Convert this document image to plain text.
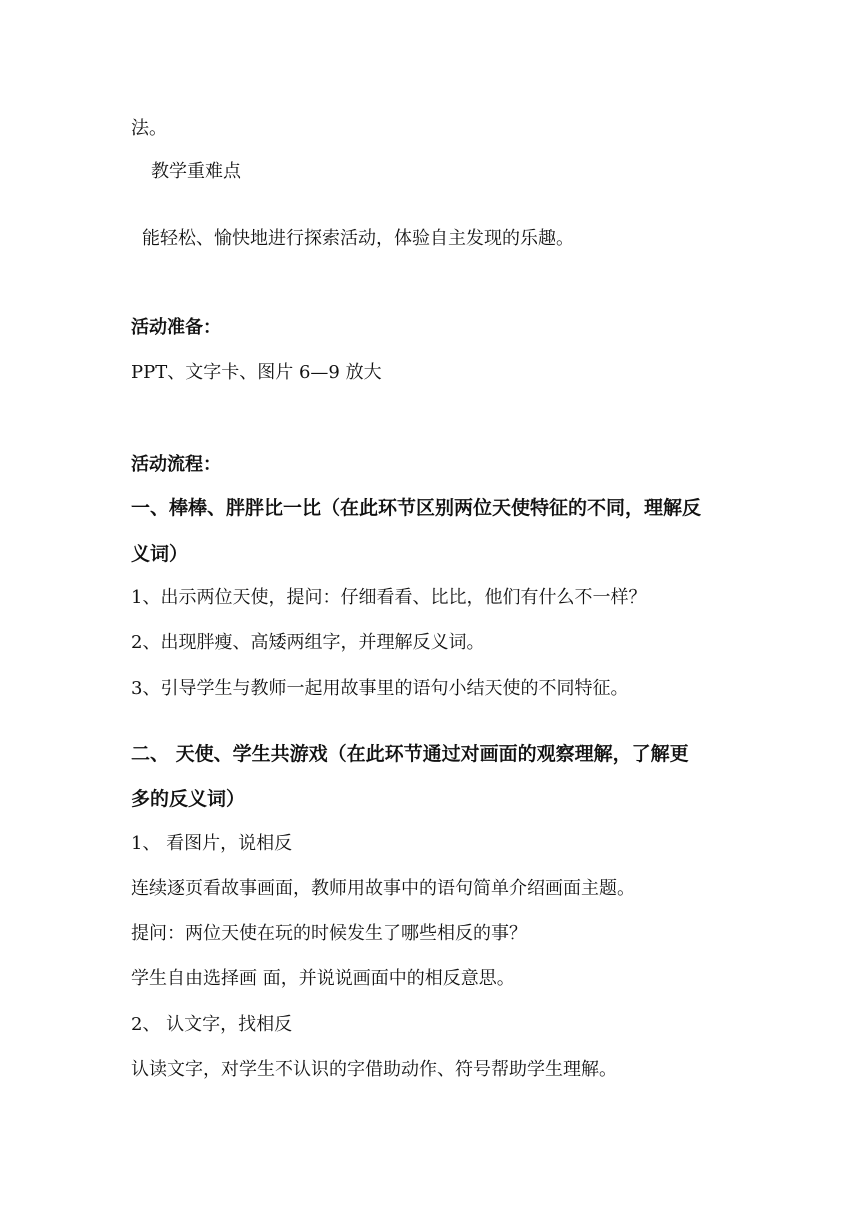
法。
教学重难点
能轻松、愉快地进行探索活动，体验自主发现的乐趣。
活动准备：
PPT、文字卡、图片 6—9 放大
活动流程：
一、棒棒、胖胖比一比（在此环节区别两位天使特征的不同，理解反
义词）
1、出示两位天使，提问：仔细看看、比比，他们有什么不一样？
2、出现胖瘦、高矮两组字，并理解反义词。
3、引导学生与教师一起用故事里的语句小结天使的不同特征。
二、 天使、学生共游戏（在此环节通过对画面的观察理解，了解更
多的反义词）
1、 看图片，说相反
连续逐页看故事画面，教师用故事中的语句简单介绍画面主题。
提问：两位天使在玩的时候发生了哪些相反的事？
学生自由选择画 面，并说说画面中的相反意思。
2、 认文字，找相反
认读文字，对学生不认识的字借助动作、符号帮助学生理解。
